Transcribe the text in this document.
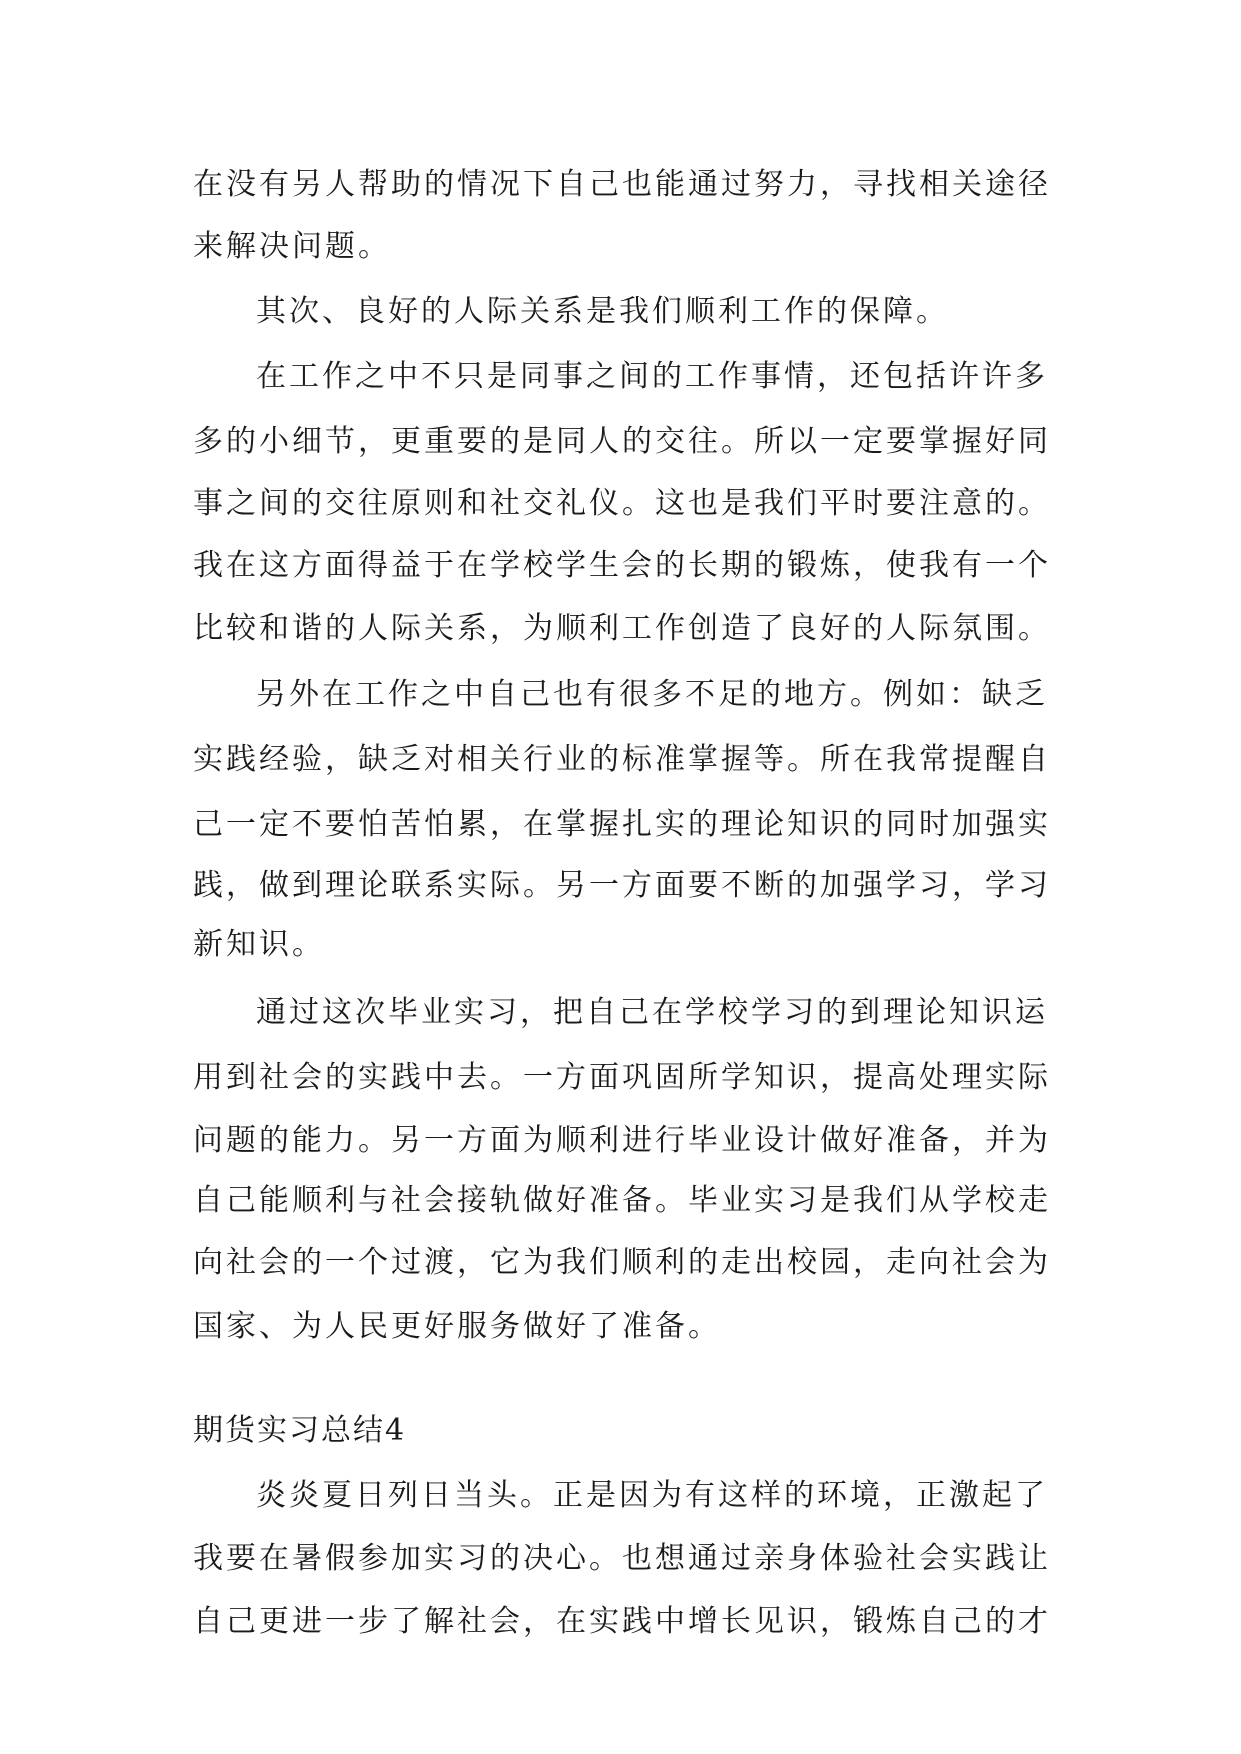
在没有另人帮助的情况下自己也能通过努力，寻找相关途径
来解决问题。
其次、良好的人际关系是我们顺利工作的保障。
在工作之中不只是同事之间的工作事情，还包括许许多
多的小细节，更重要的是同人的交往。所以一定要掌握好同
事之间的交往原则和社交礼仪。这也是我们平时要注意的。
我在这方面得益于在学校学生会的长期的锻炼，使我有一个
比较和谐的人际关系，为顺利工作创造了良好的人际氛围。
另外在工作之中自己也有很多不足的地方。例如：缺乏
实践经验，缺乏对相关行业的标准掌握等。所在我常提醒自
己一定不要怕苦怕累，在掌握扎实的理论知识的同时加强实
践，做到理论联系实际。另一方面要不断的加强学习，学习
新知识。
通过这次毕业实习，把自己在学校学习的到理论知识运
用到社会的实践中去。一方面巩固所学知识，提高处理实际
问题的能力。另一方面为顺利进行毕业设计做好准备，并为
自己能顺利与社会接轨做好准备。毕业实习是我们从学校走
向社会的一个过渡，它为我们顺利的走出校园，走向社会为
国家、为人民更好服务做好了准备。
期货实习总结4
炎炎夏日列日当头。正是因为有这样的环境，正激起了
我要在暑假参加实习的决心。也想通过亲身体验社会实践让
自己更进一步了解社会，在实践中增长见识，锻炼自己的才
